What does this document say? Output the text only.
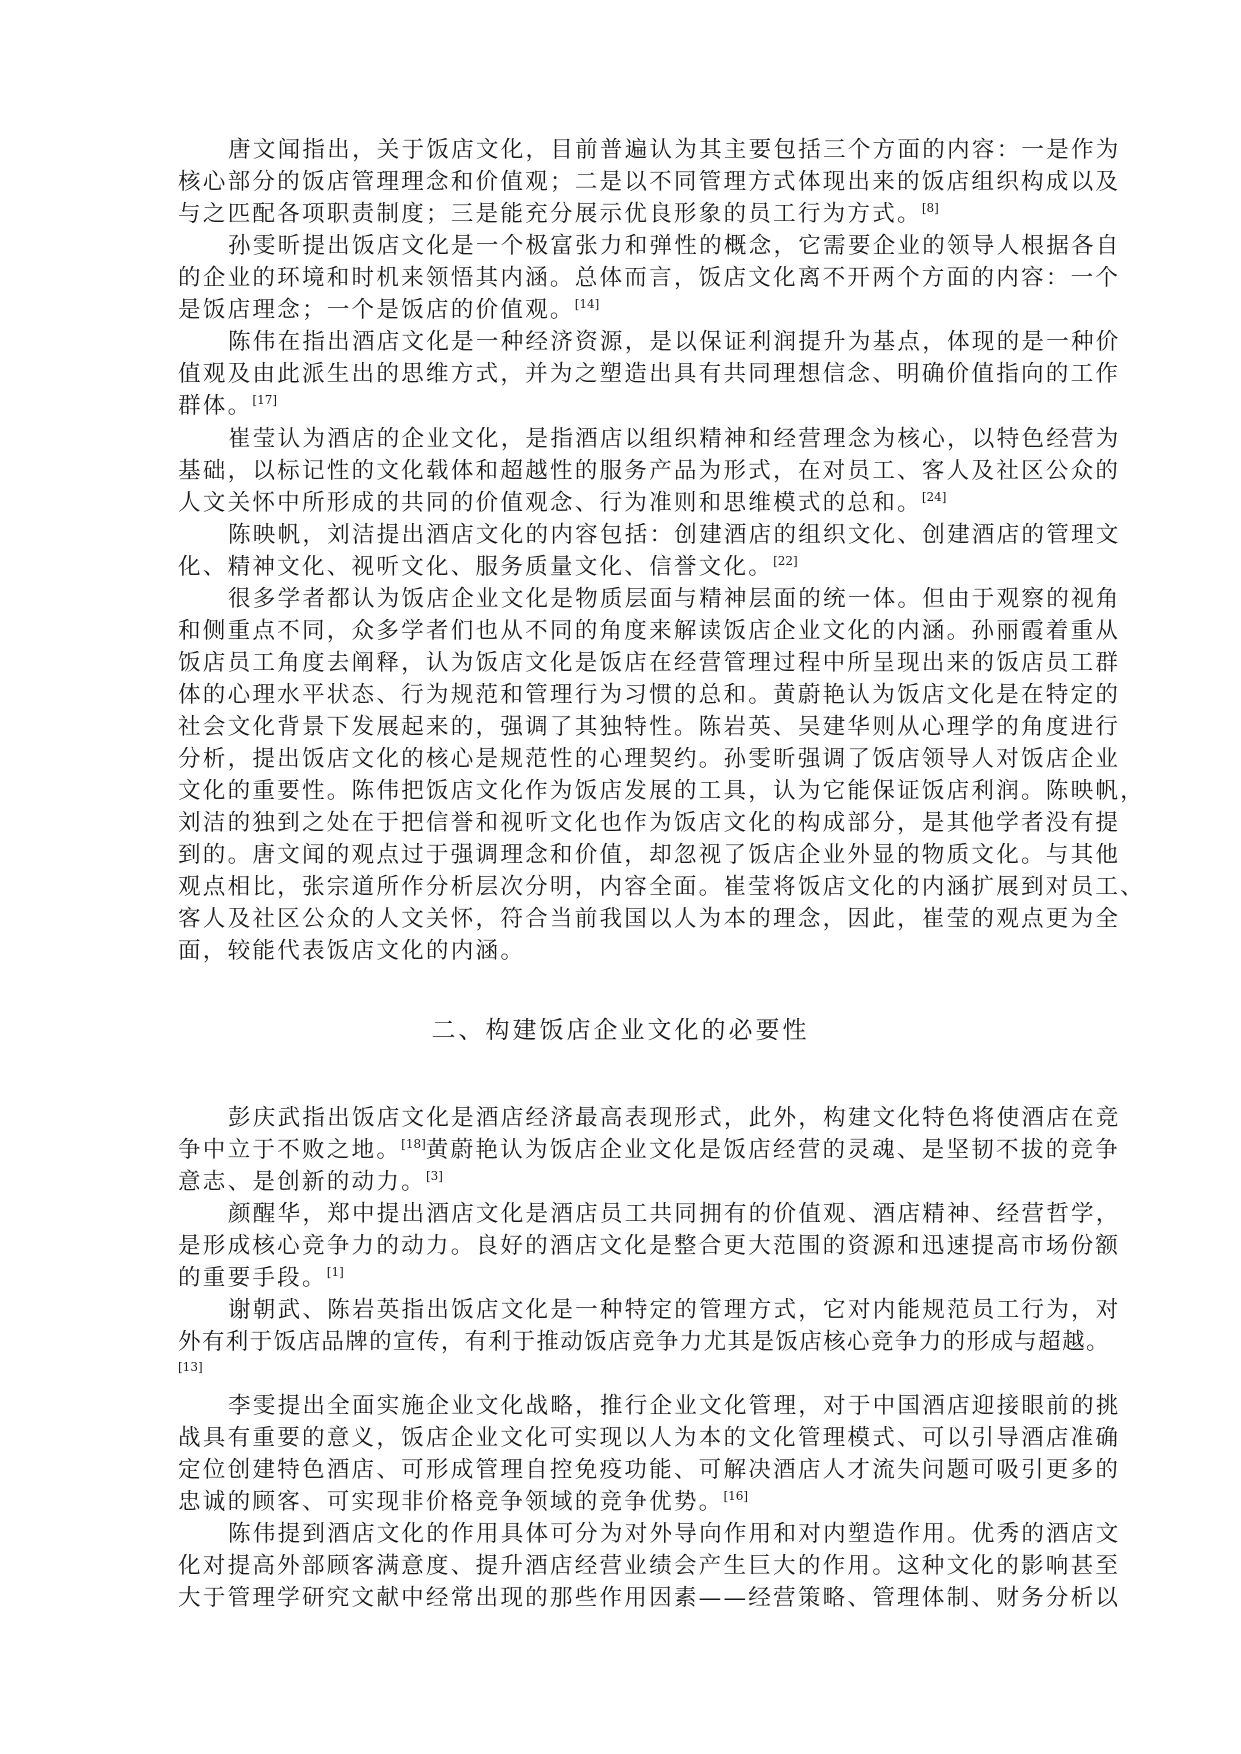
唐文闻指出，关于饭店文化，目前普遍认为其主要包括三个方面的内容：一是作为
核心部分的饭店管理理念和价值观；二是以不同管理方式体现出来的饭店组织构成以及
与之匹配各项职责制度；三是能充分展示优良形象的员工行为方式。[8]
孙雯昕提出饭店文化是一个极富张力和弹性的概念，它需要企业的领导人根据各自
的企业的环境和时机来领悟其内涵。总体而言，饭店文化离不开两个方面的内容：一个
是饭店理念；一个是饭店的价值观。[14]
陈伟在指出酒店文化是一种经济资源，是以保证利润提升为基点，体现的是一种价
值观及由此派生出的思维方式，并为之塑造出具有共同理想信念、明确价值指向的工作
群体。[17]
崔莹认为酒店的企业文化，是指酒店以组织精神和经营理念为核心，以特色经营为
基础，以标记性的文化载体和超越性的服务产品为形式，在对员工、客人及社区公众的
人文关怀中所形成的共同的价值观念、行为准则和思维模式的总和。[24]
陈映帆，刘洁提出酒店文化的内容包括：创建酒店的组织文化、创建酒店的管理文
化、精神文化、视听文化、服务质量文化、信誉文化。[22]
很多学者都认为饭店企业文化是物质层面与精神层面的统一体。但由于观察的视角
和侧重点不同，众多学者们也从不同的角度来解读饭店企业文化的内涵。孙丽霞着重从
饭店员工角度去阐释，认为饭店文化是饭店在经营管理过程中所呈现出来的饭店员工群
体的心理水平状态、行为规范和管理行为习惯的总和。黄蔚艳认为饭店文化是在特定的
社会文化背景下发展起来的，强调了其独特性。陈岩英、吴建华则从心理学的角度进行
分析，提出饭店文化的核心是规范性的心理契约。孙雯昕强调了饭店领导人对饭店企业
文化的重要性。陈伟把饭店文化作为饭店发展的工具，认为它能保证饭店利润。陈映帆，
刘洁的独到之处在于把信誉和视听文化也作为饭店文化的构成部分，是其他学者没有提
到的。唐文闻的观点过于强调理念和价值，却忽视了饭店企业外显的物质文化。与其他
观点相比，张宗道所作分析层次分明，内容全面。崔莹将饭店文化的内涵扩展到对员工、
客人及社区公众的人文关怀，符合当前我国以人为本的理念，因此，崔莹的观点更为全
面，较能代表饭店文化的内涵。
二、构建饭店企业文化的必要性
彭庆武指出饭店文化是酒店经济最高表现形式，此外，构建文化特色将使酒店在竞
争中立于不败之地。[18]黄蔚艳认为饭店企业文化是饭店经营的灵魂、是坚韧不拔的竞争
意志、是创新的动力。[3]
颜醒华，郑中提出酒店文化是酒店员工共同拥有的价值观、酒店精神、经营哲学，
是形成核心竞争力的动力。良好的酒店文化是整合更大范围的资源和迅速提高市场份额
的重要手段。[1]
谢朝武、陈岩英指出饭店文化是一种特定的管理方式，它对内能规范员工行为，对
外有利于饭店品牌的宣传，有利于推动饭店竞争力尤其是饭店核心竞争力的形成与超越。
[13]
李雯提出全面实施企业文化战略，推行企业文化管理，对于中国酒店迎接眼前的挑
战具有重要的意义，饭店企业文化可实现以人为本的文化管理模式、可以引导酒店准确
定位创建特色酒店、可形成管理自控免疫功能、可解决酒店人才流失问题可吸引更多的
忠诚的顾客、可实现非价格竞争领域的竞争优势。[16]
陈伟提到酒店文化的作用具体可分为对外导向作用和对内塑造作用。优秀的酒店文
化对提高外部顾客满意度、提升酒店经营业绩会产生巨大的作用。这种文化的影响甚至
大于管理学研究文献中经常出现的那些作用因素——经营策略、管理体制、财务分析以
